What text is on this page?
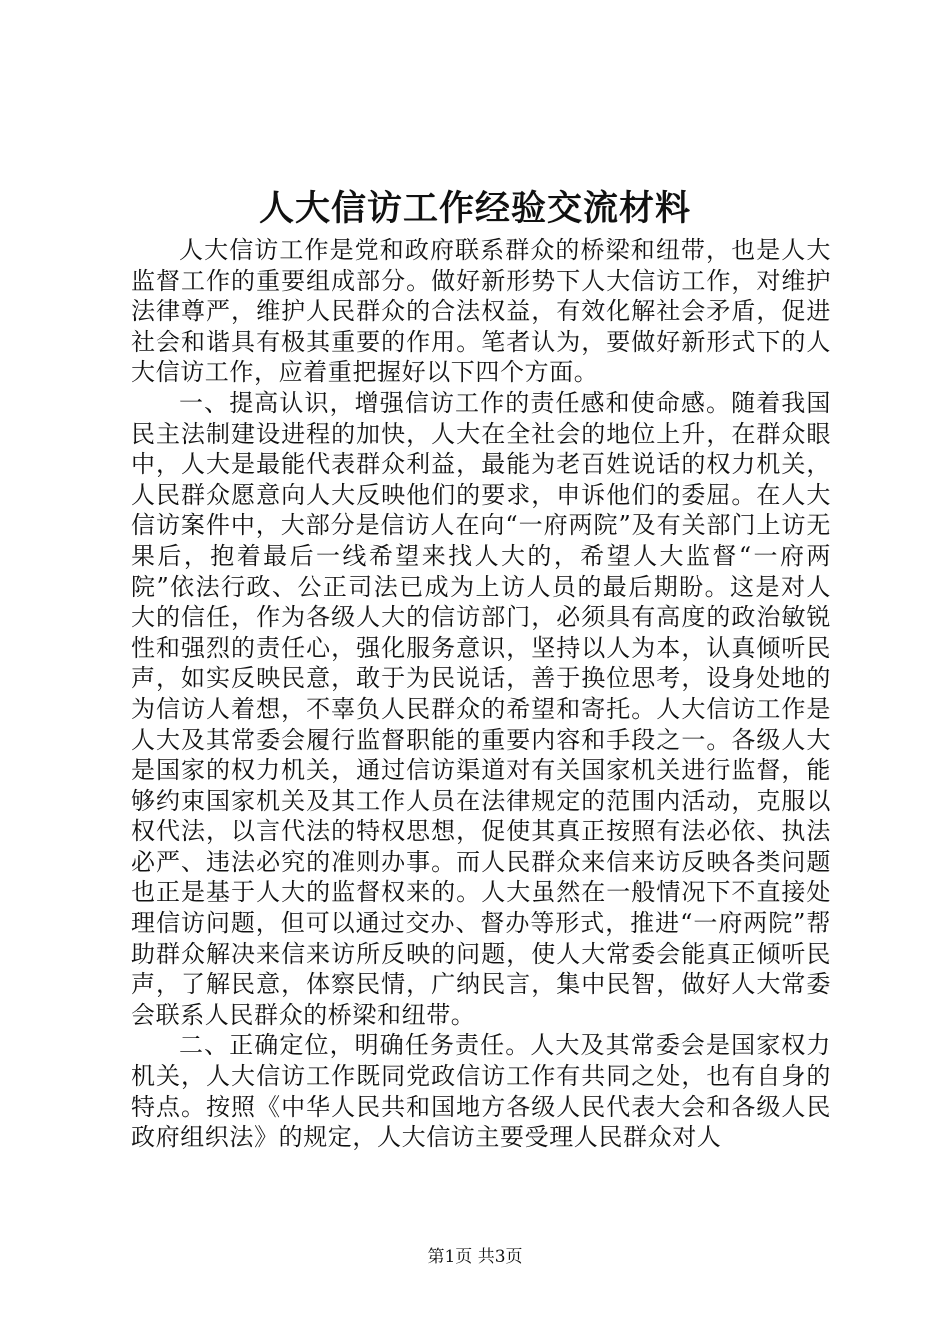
人大信访工作经验交流材料

人大信访工作是党和政府联系群众的桥梁和纽带，也是人大监督工作的重要组成部分。做好新形势下人大信访工作，对维护法律尊严，维护人民群众的合法权益，有效化解社会矛盾，促进社会和谐具有极其重要的作用。笔者认为，要做好新形式下的人大信访工作，应着重把握好以下四个方面。

一、提高认识，增强信访工作的责任感和使命感。随着我国民主法制建设进程的加快，人大在全社会的地位上升，在群众眼中，人大是最能代表群众利益，最能为老百姓说话的权力机关，人民群众愿意向人大反映他们的要求，申诉他们的委屈。在人大信访案件中，大部分是信访人在向“一府两院”及有关部门上访无果后，抱着最后一线希望来找人大的，希望人大监督“一府两院”依法行政、公正司法已成为上访人员的最后期盼。这是对人大的信任，作为各级人大的信访部门，必须具有高度的政治敏锐性和强烈的责任心，强化服务意识，坚持以人为本，认真倾听民声，如实反映民意，敢于为民说话，善于换位思考，设身处地的为信访人着想，不辜负人民群众的希望和寄托。人大信访工作是人大及其常委会履行监督职能的重要内容和手段之一。各级人大是国家的权力机关，通过信访渠道对有关国家机关进行监督，能够约束国家机关及其工作人员在法律规定的范围内活动，克服以权代法，以言代法的特权思想，促使其真正按照有法必依、执法必严、违法必究的准则办事。而人民群众来信来访反映各类问题也正是基于人大的监督权来的。人大虽然在一般情况下不直接处理信访问题，但可以通过交办、督办等形式，推进“一府两院”帮助群众解决来信来访所反映的问题，使人大常委会能真正倾听民声，了解民意，体察民情，广纳民言，集中民智，做好人大常委会联系人民群众的桥梁和纽带。

二、正确定位，明确任务责任。人大及其常委会是国家权力机关，人大信访工作既同党政信访工作有共同之处，也有自身的特点。按照《中华人民共和国地方各级人民代表大会和各级人民政府组织法》的规定，人大信访主要受理人民群众对人

第1页 共3页
